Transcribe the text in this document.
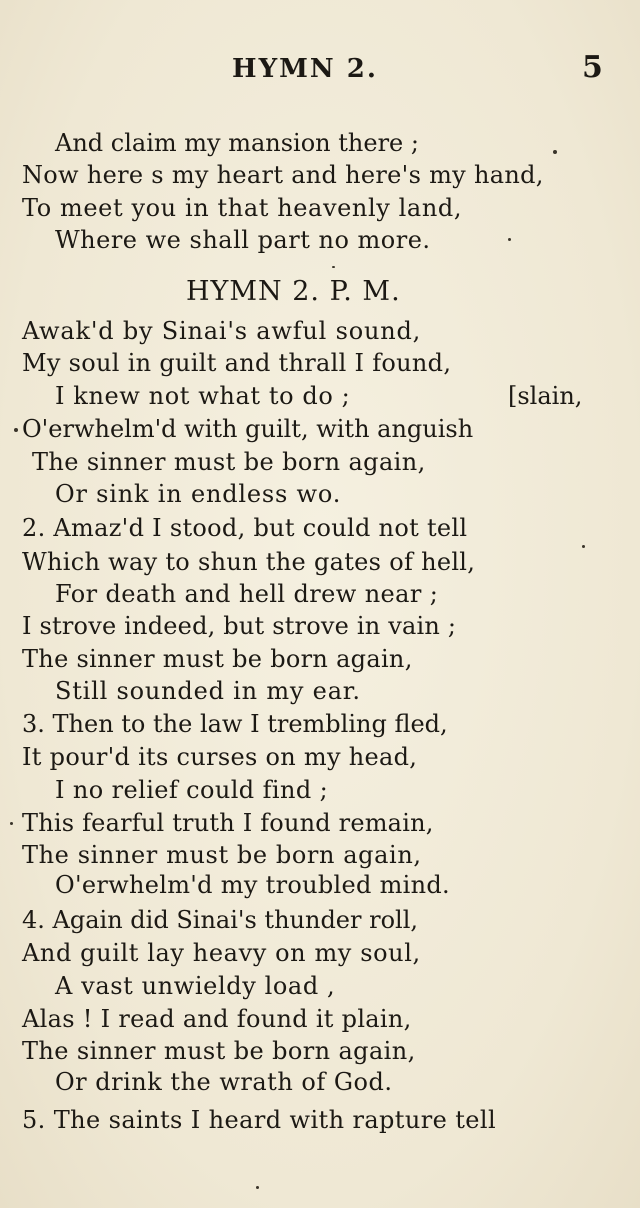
HYMN 2.	5
And claim my mansion there ;
Now here s my heart and here's my hand,
To meet you in that heavenly land,
Where we shall part no more.
HYMN 2. P. M.
Awak'd by Sinai's awful sound,
My soul in guilt and thrall I found,
I knew not what to do ;	[slain,
O'erwhelm'd with guilt, with anguish
The sinner must be born again,
Or sink in endless wo.
2. Amaz'd I stood, but could not tell
Which way to shun the gates of hell,
For death and hell drew near ;
I strove indeed, but strove in vain ;
The sinner must be born again,
Still sounded in my ear.
3. Then to the law I trembling fled,
It pour'd its curses on my head,
I no relief could find ;
This fearful truth I found remain,
The sinner must be born again,
O'erwhelm'd my troubled mind.
4. Again did Sinai's thunder roll,
And guilt lay heavy on my soul,
A vast unwieldy load ,
Alas ! I read and found it plain,
The sinner must be born again,
Or drink the wrath of God.
5. The saints I heard with rapture tell
